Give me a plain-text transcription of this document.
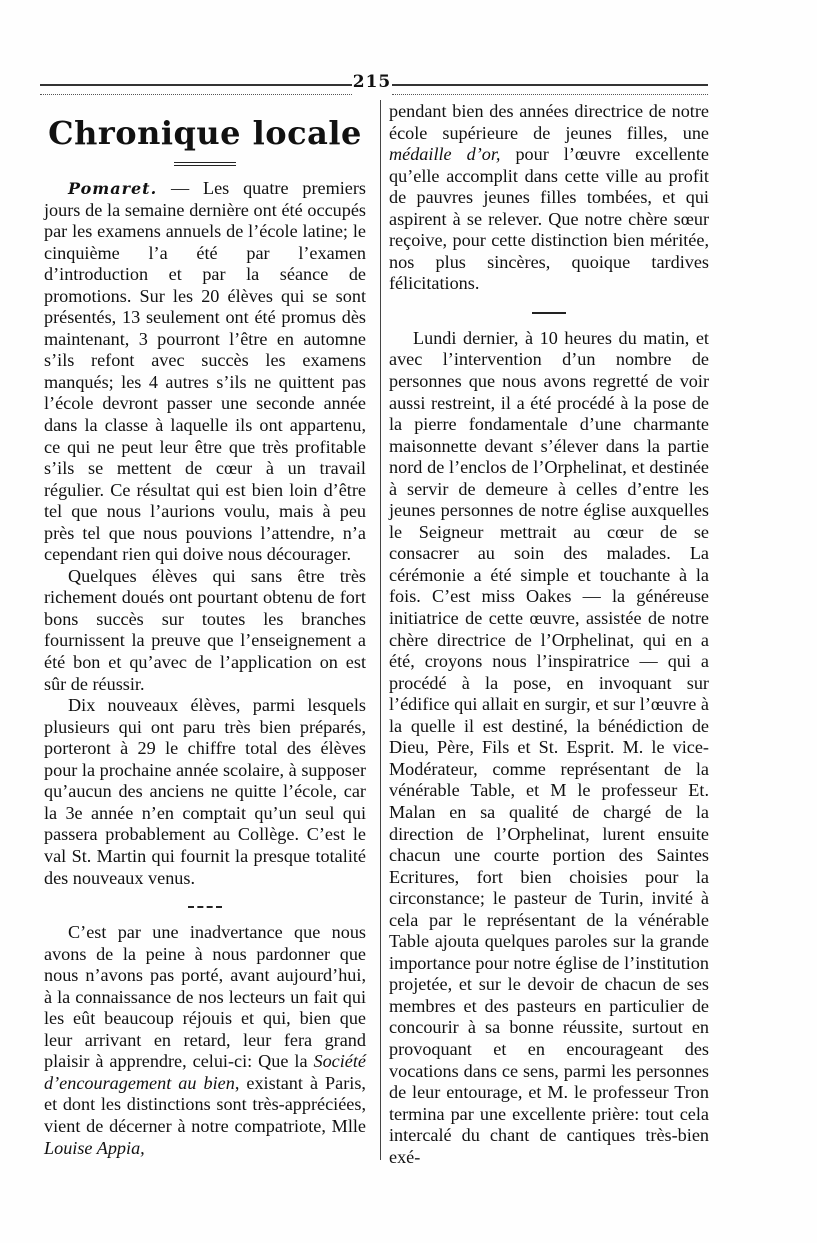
215
Chronique locale

Pomaret. — Les quatre premiers jours de la semaine dernière ont été occupés par les examens annuels de l’école latine; le cinquième l’a été par l’examen d’introduction et par la séance de promotions. Sur les 20 élèves qui se sont présentés, 13 seulement ont été promus dès maintenant, 3 pourront l’être en automne s’ils refont avec succès les examens manqués; les 4 autres s’ils ne quittent pas l’école devront passer une seconde année dans la classe à laquelle ils ont appartenu, ce qui ne peut leur être que très profitable s’ils se mettent de cœur à un travail régulier. Ce résultat qui est bien loin d’être tel que nous l’aurions voulu, mais à peu près tel que nous pouvions l’attendre, n’a cependant rien qui doive nous décourager.

Quelques élèves qui sans être très richement doués ont pourtant obtenu de fort bons succès sur toutes les branches fournissent la preuve que l’enseignement a été bon et qu’avec de l’application on est sûr de réussir.

Dix nouveaux élèves, parmi lesquels plusieurs qui ont paru très bien préparés, porteront à 29 le chiffre total des élèves pour la prochaine année scolaire, à supposer qu’aucun des anciens ne quitte l’école, car la 3e année n’en comptait qu’un seul qui passera probablement au Collège. C’est le val St. Martin qui fournit la presque totalité des nouveaux venus.

C’est par une inadvertance que nous avons de la peine à nous pardonner que nous n’avons pas porté, avant aujourd’hui, à la connaissance de nos lecteurs un fait qui les eût beaucoup réjouis et qui, bien que leur arrivant en retard, leur fera grand plaisir à apprendre, celui-ci: Que la Société d’encouragement au bien, existant à Paris, et dont les distinctions sont très-appréciées, vient de décerner à notre compatriote, Mlle Louise Appia,

pendant bien des années directrice de notre école supérieure de jeunes filles, une médaille d’or, pour l’œuvre excellente qu’elle accomplit dans cette ville au profit de pauvres jeunes filles tombées, et qui aspirent à se relever. Que notre chère sœur reçoive, pour cette distinction bien méritée, nos plus sincères, quoique tardives félicitations.

Lundi dernier, à 10 heures du matin, et avec l’intervention d’un nombre de personnes que nous avons regretté de voir aussi restreint, il a été procédé à la pose de la pierre fondamentale d’une charmante maisonnette devant s’élever dans la partie nord de l’enclos de l’Orphelinat, et destinée à servir de demeure à celles d’entre les jeunes personnes de notre église auxquelles le Seigneur mettrait au cœur de se consacrer au soin des malades. La cérémonie a été simple et touchante à la fois. C’est miss Oakes — la généreuse initiatrice de cette œuvre, assistée de notre chère directrice de l’Orphelinat, qui en a été, croyons nous l’inspiratrice — qui a procédé à la pose, en invoquant sur l’édifice qui allait en surgir, et sur l’œuvre à la quelle il est destiné, la bénédiction de Dieu, Père, Fils et St. Esprit. M. le vice-Modérateur, comme représentant de la vénérable Table, et M le professeur Et. Malan en sa qualité de chargé de la direction de l’Orphelinat, lurent ensuite chacun une courte portion des Saintes Ecritures, fort bien choisies pour la circonstance; le pasteur de Turin, invité à cela par le représentant de la vénérable Table ajouta quelques paroles sur la grande importance pour notre église de l’institution projetée, et sur le devoir de chacun de ses membres et des pasteurs en particulier de concourir à sa bonne réussite, surtout en provoquant et en encourageant des vocations dans ce sens, parmi les personnes de leur entourage, et M. le professeur Tron termina par une excellente prière: tout cela intercalé du chant de cantiques très-bien exé-
